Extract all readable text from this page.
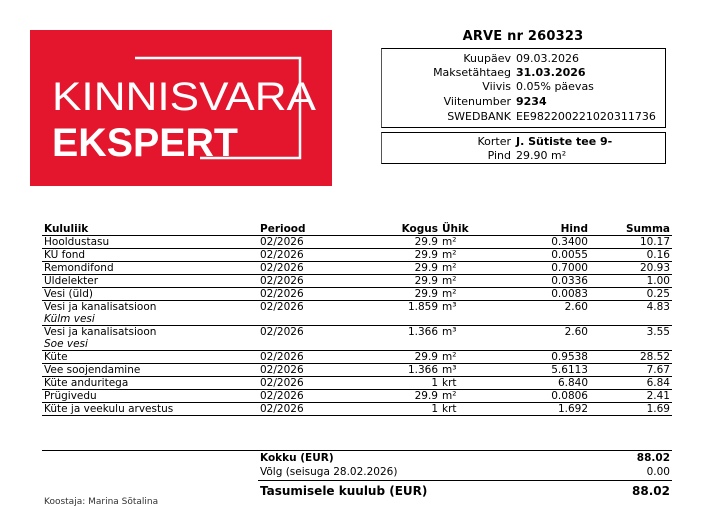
KINNISVARA
EKSPERT
ARVE nr 260323
Kuupäev 09.03.2026
Maksetähtaeg 31.03.2026
Viivis 0.05% päevas
Viitenumber 9234
SWEDBANK EE982200221020311736
Korter J. Sütiste tee 9-
Pind 29.90 m²
Kululiik	Periood	Kogus	Ühik	Hind	Summa
Hooldustasu	02/2026	29.9	m²	0.3400	10.17
KÜ fond	02/2026	29.9	m²	0.0055	0.16
Remondifond	02/2026	29.9	m²	0.7000	20.93
Üldelekter	02/2026	29.9	m²	0.0336	1.00
Vesi (üld)	02/2026	29.9	m²	0.0083	0.25
Vesi ja kanalisatsioon	02/2026	1.859	m³	2.60	4.83
Külm vesi					
Vesi ja kanalisatsioon	02/2026	1.366	m³	2.60	3.55
Soe vesi					
Küte	02/2026	29.9	m²	0.9538	28.52
Vee soojendamine	02/2026	1.366	m³	5.6113	7.67
Küte anduritega	02/2026	1	krt	6.840	6.84
Prügivedu	02/2026	29.9	m²	0.0806	2.41
Küte ja veekulu arvestus	02/2026	1	krt	1.692	1.69
Kokku (EUR)	88.02
Võlg (seisuga 28.02.2026)	0.00
Tasumisele kuulub (EUR)	88.02
Koostaja: Marina Sõtalina
